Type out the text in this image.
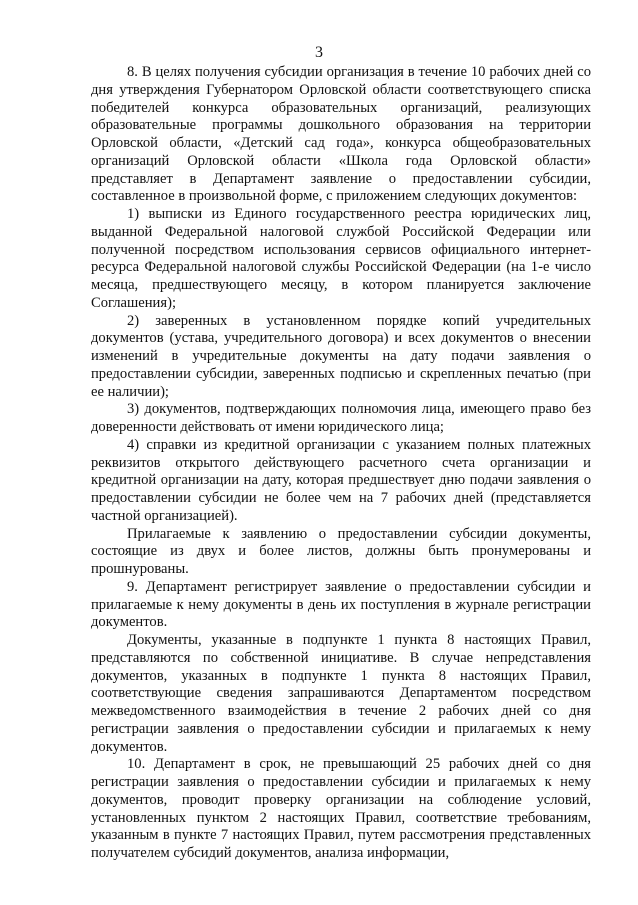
3

8. В целях получения субсидии организация в течение 10 рабочих дней со дня утверждения Губернатором Орловской области соответствующего списка победителей конкурса образовательных организаций, реализующих образовательные программы дошкольного образования на территории Орловской области, «Детский сад года», конкурса общеобразовательных организаций Орловской области «Школа года Орловской области» представляет в Департамент заявление о предоставлении субсидии, составленное в произвольной форме, с приложением следующих документов:

1) выписки из Единого государственного реестра юридических лиц, выданной Федеральной налоговой службой Российской Федерации или полученной посредством использования сервисов официального интернет-ресурса Федеральной налоговой службы Российской Федерации (на 1-е число месяца, предшествующего месяцу, в котором планируется заключение Соглашения);

2) заверенных в установленном порядке копий учредительных документов (устава, учредительного договора) и всех документов о внесении изменений в учредительные документы на дату подачи заявления о предоставлении субсидии, заверенных подписью и скрепленных печатью (при ее наличии);

3) документов, подтверждающих полномочия лица, имеющего право без доверенности действовать от имени юридического лица;

4) справки из кредитной организации с указанием полных платежных реквизитов открытого действующего расчетного счета организации и кредитной организации на дату, которая предшествует дню подачи заявления о предоставлении субсидии не более чем на 7 рабочих дней (представляется частной организацией).

Прилагаемые к заявлению о предоставлении субсидии документы, состоящие из двух и более листов, должны быть пронумерованы и прошнурованы.

9. Департамент регистрирует заявление о предоставлении субсидии и прилагаемые к нему документы в день их поступления в журнале регистрации документов.

Документы, указанные в подпункте 1 пункта 8 настоящих Правил, представляются по собственной инициативе. В случае непредставления документов, указанных в подпункте 1 пункта 8 настоящих Правил, соответствующие сведения запрашиваются Департаментом посредством межведомственного взаимодействия в течение 2 рабочих дней со дня регистрации заявления о предоставлении субсидии и прилагаемых к нему документов.

10. Департамент в срок, не превышающий 25 рабочих дней со дня регистрации заявления о предоставлении субсидии и прилагаемых к нему документов, проводит проверку организации на соблюдение условий, установленных пунктом 2 настоящих Правил, соответствие требованиям, указанным в пункте 7 настоящих Правил, путем рассмотрения представленных получателем субсидий документов, анализа информации,
